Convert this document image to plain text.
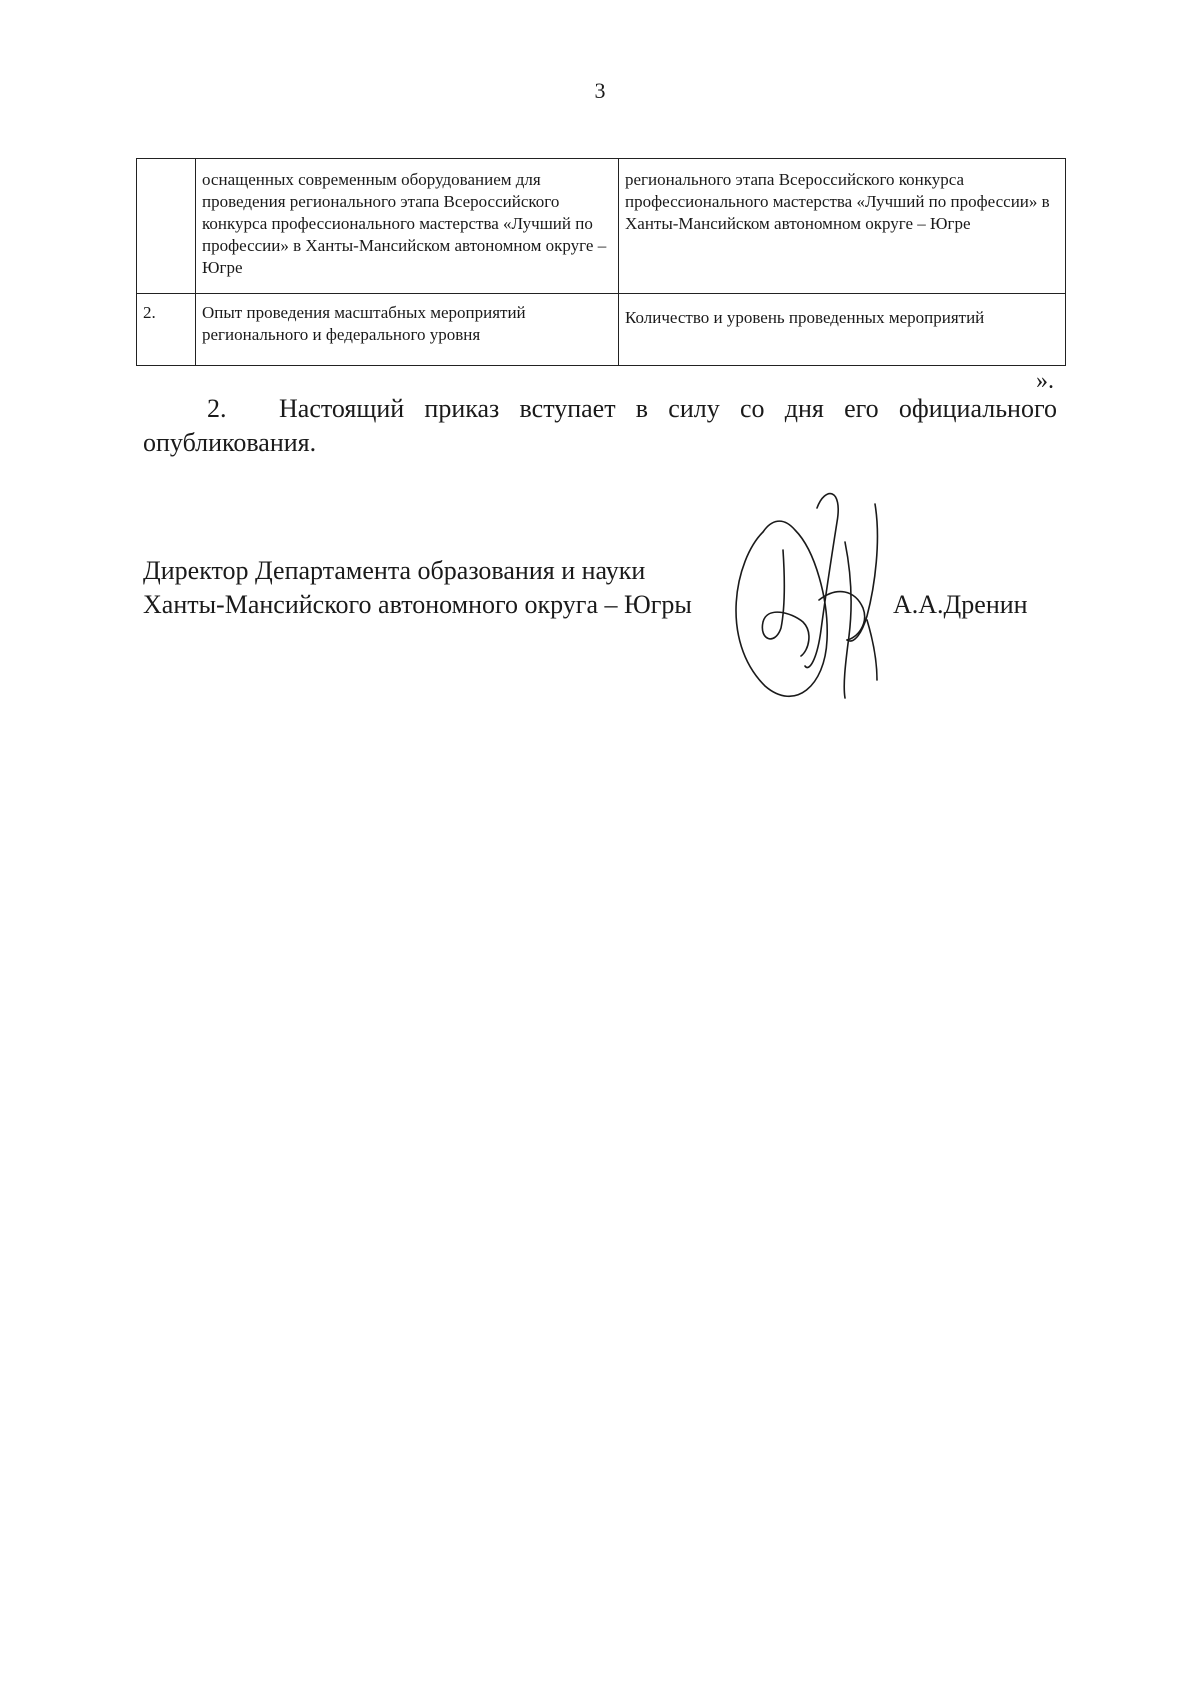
3
	оснащенных современным оборудованием для проведения регионального этапа Всероссийского конкурса профессионального мастерства «Лучший по профессии» в Ханты-Мансийском автономном округе – Югре	регионального этапа Всероссийского конкурса профессионального мастерства «Лучший по профессии» в Ханты-Мансийском автономном округе – Югре
2.	Опыт проведения масштабных мероприятий регионального и федерального уровня	Количество и уровень проведенных мероприятий
».
2. Настоящий приказ вступает в силу со дня его официального
опубликования.
Директор Департамента образования и науки
Ханты-Мансийского автономного округа – Югры	А.А.Дренин
